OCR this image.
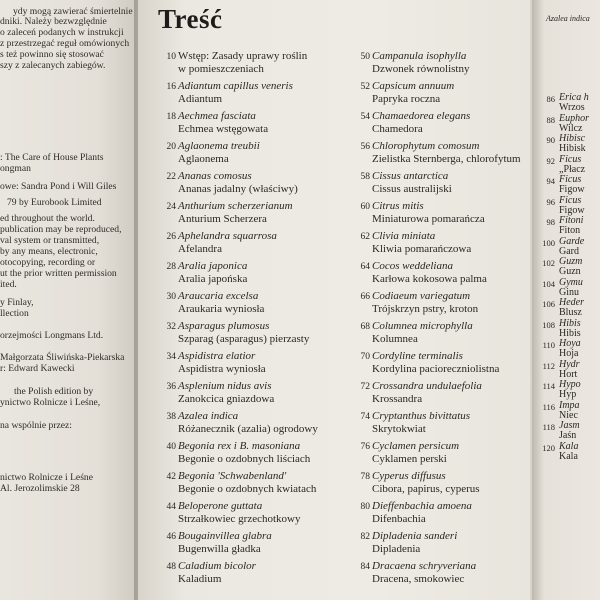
ydy mogą zawierać śmiertelnie
dniki. Należy bezwzględnie
o zaleceń podanych w instrukcji
z przestrzegać reguł omówionych
s też powinno się stosować
szy z zalecanych zabiegów.
: The Care of House Plants
ongman
owe: Sandra Pond i Will Giles
79 by Eurobook Limited
ed throughout the world.
publication may be reproduced,
val system or transmitted,
by any means, electronic,
otocopying, recording or
ut the prior written permission
ited.
y Finlay,
llection
orzejmości Longmans Ltd.
Małgorzata Śliwińska-Piekarska
r: Edward Kawecki
the Polish edition by
ynictwo Rolnicze i Leśne,
na wspólnie przez:
nictwo Rolnicze i Leśne
Al. Jerozolimskie 28
Treść
10 Wstęp: Zasady uprawy roślin
w pomieszczeniach
16 Adiantum capillus veneris
Adiantum
18 Aechmea fasciata
Echmea wstęgowata
20 Aglaonema treubii
Aglaonema
22 Ananas comosus
Ananas jadalny (właściwy)
24 Anthurium scherzerianum
Anturium Scherzera
26 Aphelandra squarrosa
Afelandra
28 Aralia japonica
Aralia japońska
30 Araucaria excelsa
Araukaria wyniosła
32 Asparagus plumosus
Szparag (asparagus) pierzasty
34 Aspidistra elatior
Aspidistra wyniosła
36 Asplenium nidus avis
Zanokcica gniazdowa
38 Azalea indica
Różanecznik (azalia) ogrodowy
40 Begonia rex i B. masoniana
Begonie o ozdobnych liściach
42 Begonia 'Schwabenland'
Begonie o ozdobnych kwiatach
44 Beloperone guttata
Strzałkowiec grzechotkowy
46 Bougainvillea glabra
Bugenwilla gładka
48 Caladium bicolor
Kaladium
50 Campanula isophylla
Dzwonek równolistny
52 Capsicum annuum
Papryka roczna
54 Chamaedorea elegans
Chamedora
56 Chlorophytum comosum
Zielistka Sternberga, chlorofytum
58 Cissus antarctica
Cissus australijski
60 Citrus mitis
Miniaturowa pomarańcza
62 Clivia miniata
Kliwia pomarańczowa
64 Cocos weddeliana
Karłowa kokosowa palma
66 Codiaeum variegatum
Trójskrzyn pstry, kroton
68 Columnea microphylla
Kolumnea
70 Cordyline terminalis
Kordylina pacioreczniolistna
72 Crossandra undulaefolia
Krossandra
74 Cryptanthus bivittatus
Skrytokwiat
76 Cyclamen persicum
Cyklamen perski
78 Cyperus diffusus
Cibora, papirus, cyperus
80 Dieffenbachia amoena
Difenbachia
82 Dipladenia sanderi
Dipladenia
84 Dracaena schryveriana
Dracena, smokowiec
Azalea indica
86 Erica h
Wrzos
88 Euphor
Wilcz
90 Hibisc
Hibisk
92 Ficus
„Płacz
94 Ficus
Figow
96 Ficus
Figow
98 Fitoni
Fiton
100 Garde
Gard
102 Guzm
Guzn
104 Gymu
Ginu
106 Heder
Blusz
108 Hibis
Hibis
110 Hoya
Hoja
112 Hydr
Hort
114 Hypo
Hyp
116 Impa
Niec
118 Jasm
Jaśn
120 Kala
Kala
